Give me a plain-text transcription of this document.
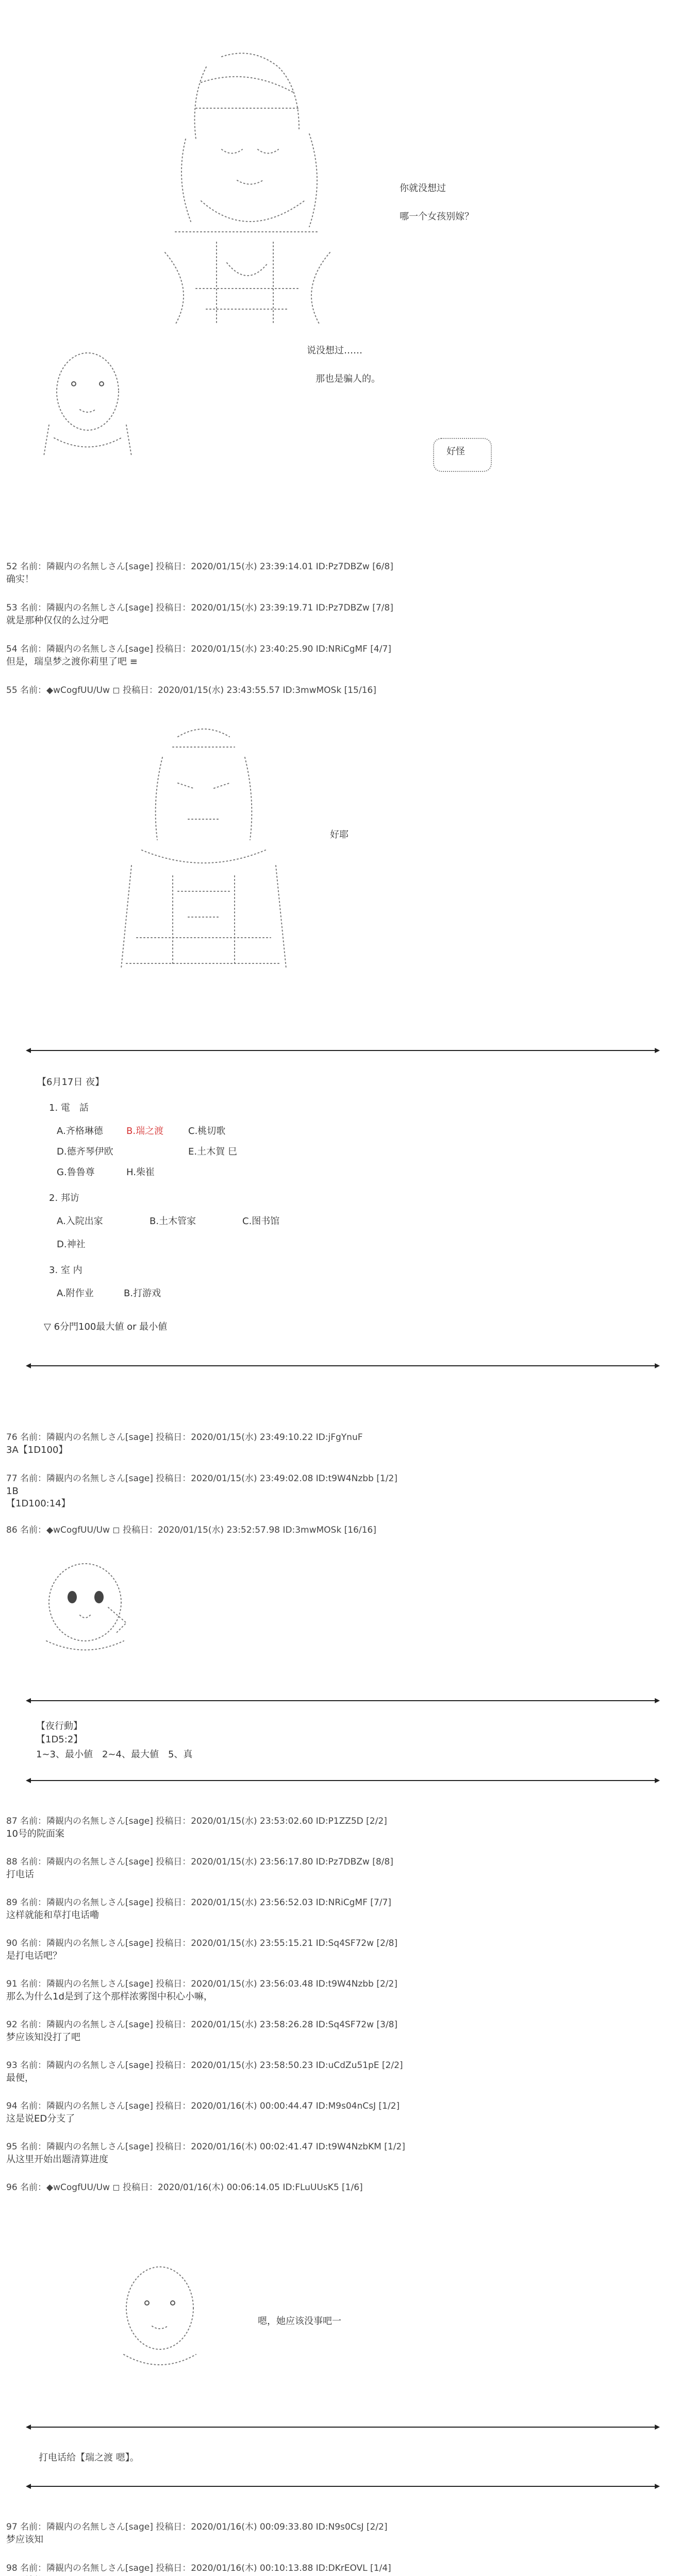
你就没想过
哪一个女孩别嫁？
说没想过……
那也是骗人的。
好怪
52 名前：隣観内の名無しさん[sage] 投稿日：2020/01/15(水) 23:39:14.01 ID:Pz7DBZw [6/8]
确实！
53 名前：隣観内の名無しさん[sage] 投稿日：2020/01/15(水) 23:39:19.71 ID:Pz7DBZw [7/8]
就是那种仅仅的么过分吧
54 名前：隣観内の名無しさん[sage] 投稿日：2020/01/15(水) 23:40:25.90 ID:NRiCgMF [4/7]
但是，瑞皇梦之渡你莉里了吧 ≡
55 名前：◆wCogfUU/Uw ◻ 投稿日：2020/01/15(水) 23:43:55.57 ID:3mwMOSk [15/16]
好耶
【6月17日 夜】
1. 電　話
A.齐格琳德	B.瑞之渡	C.桃切歌
D.德齐琴伊欧	E.土木賀 巳
G.鲁鲁尊	H.柴崔
2. 邦访
A.入院出家	B.土木管家	C.图书馆
D.神社
3. 室 内
A.附作业	B.打游戏
▽ 6分門100最大値 or 最小値
76 名前：隣観内の名無しさん[sage] 投稿日：2020/01/15(水) 23:49:10.22 ID:jFgYnuF
3A【1D100】
77 名前：隣観内の名無しさん[sage] 投稿日：2020/01/15(水) 23:49:02.08 ID:t9W4Nzbb [1/2]
1B
【1D100:14】
86 名前：◆wCogfUU/Uw ◻ 投稿日：2020/01/15(水) 23:52:57.98 ID:3mwMOSk [16/16]
【夜行動】
【1D5:2】
1~3、最小値　2~4、最大値　5、真
87 名前：隣観内の名無しさん[sage] 投稿日：2020/01/15(水) 23:53:02.60 ID:P1ZZ5D [2/2]
10号的院面案
88 名前：隣観内の名無しさん[sage] 投稿日：2020/01/15(水) 23:56:17.80 ID:Pz7DBZw [8/8]
打电话
89 名前：隣観内の名無しさん[sage] 投稿日：2020/01/15(水) 23:56:52.03 ID:NRiCgMF [7/7]
这样就能和草打电话嘞
90 名前：隣観内の名無しさん[sage] 投稿日：2020/01/15(水) 23:55:15.21 ID:Sq4SF72w [2/8]
是打电话吧？
91 名前：隣観内の名無しさん[sage] 投稿日：2020/01/15(水) 23:56:03.48 ID:t9W4Nzbb [2/2]
那么为什么1d是到了这个那样浓雾图中积心小嘛，
92 名前：隣観内の名無しさん[sage] 投稿日：2020/01/15(水) 23:58:26.28 ID:Sq4SF72w [3/8]
梦应该知没打了吧
93 名前：隣観内の名無しさん[sage] 投稿日：2020/01/15(水) 23:58:50.23 ID:uCdZu51pE [2/2]
最便，
94 名前：隣観内の名無しさん[sage] 投稿日：2020/01/16(木) 00:00:44.47 ID:M9s04nCsJ [1/2]
这是说ED分支了
95 名前：隣観内の名無しさん[sage] 投稿日：2020/01/16(木) 00:02:41.47 ID:t9W4NzbKM [1/2]
从这里开始出题清算进度
96 名前：◆wCogfUU/Uw ◻ 投稿日：2020/01/16(木) 00:06:14.05 ID:FLuUUsK5 [1/6]
嗯，她应该没事吧一
打电话给【瑞之渡 嗯】。
97 名前：隣観内の名無しさん[sage] 投稿日：2020/01/16(木) 00:09:33.80 ID:N9s0CsJ [2/2]
梦应该知
98 名前：隣観内の名無しさん[sage] 投稿日：2020/01/16(木) 00:10:13.88 ID:DKrEOVL [1/4]
